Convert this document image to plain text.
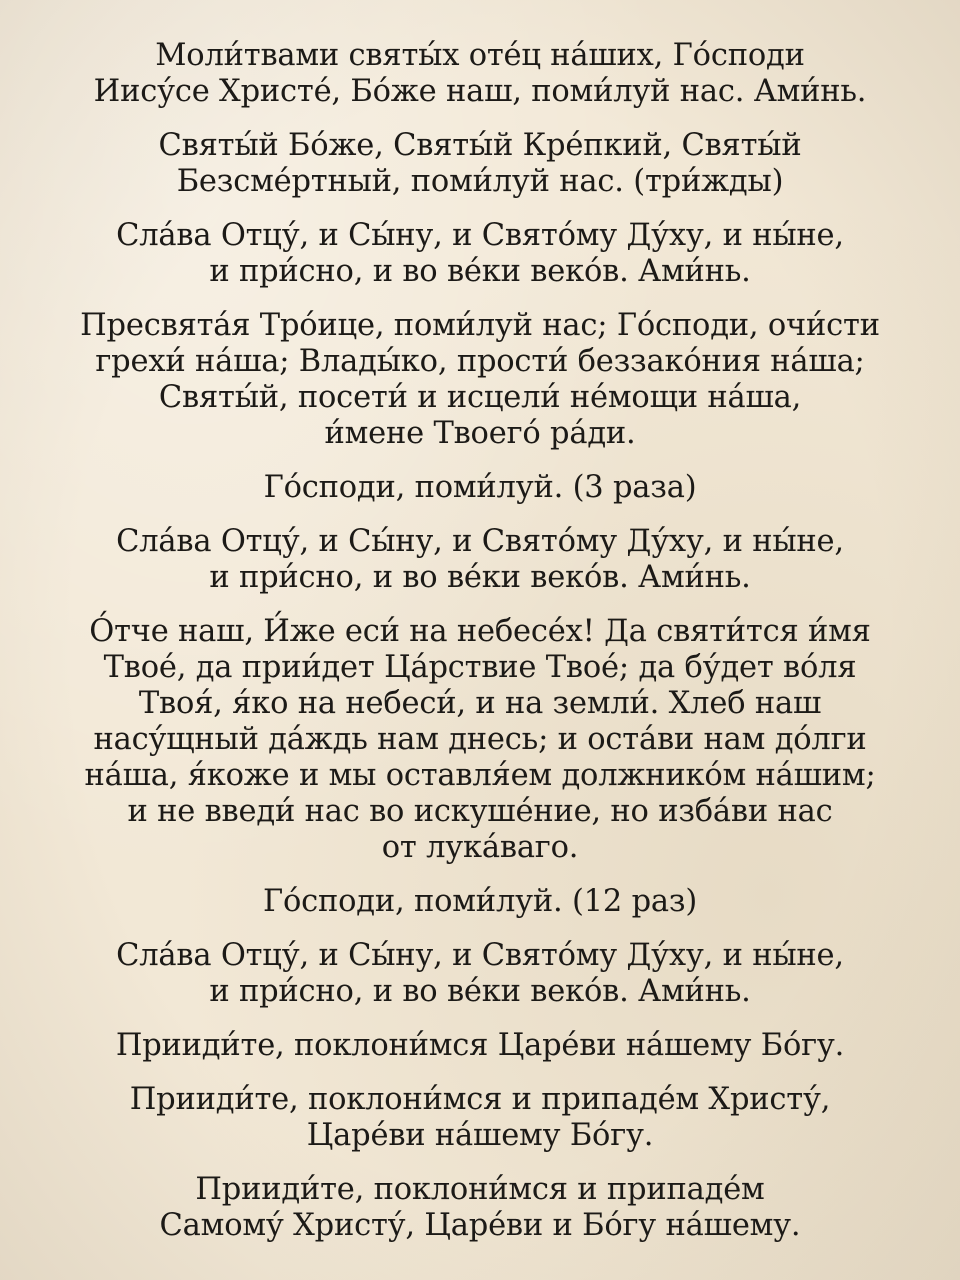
Моли́твами святы́х оте́ц на́ших, Го́споди
Иису́се Христе́, Бо́же наш, поми́луй нас. Ами́нь.

Святы́й Бо́же, Святы́й Кре́пкий, Святы́й
Безсме́ртный, поми́луй нас. (три́жды)

Сла́ва Отцу́, и Сы́ну, и Свято́му Ду́ху, и ны́не,
и при́сно, и во ве́ки веко́в. Ами́нь.

Пресвята́я Тро́ице, поми́луй нас; Го́споди, очи́сти
грехи́ на́ша; Влады́ко, прости́ беззако́ния на́ша;
Святы́й, посети́ и исцели́ не́мощи на́ша,
и́мене Твоего́ ра́ди.

Го́споди, поми́луй. (3 раза)

Сла́ва Отцу́, и Сы́ну, и Свято́му Ду́ху, и ны́не,
и при́сно, и во ве́ки веко́в. Ами́нь.

О́тче наш, И́же еси́ на небесе́х! Да святи́тся и́мя
Твое́, да прии́дет Ца́рствие Твое́; да бу́дет во́ля
Твоя́, я́ко на небеси́, и на земли́. Хлеб наш
насу́щный да́ждь нам днесь; и оста́ви нам до́лги
на́ша, я́коже и мы оставля́ем должнико́м на́шим;
и не введи́ нас во искуше́ние, но изба́ви нас
от лука́ваго.

Го́споди, поми́луй. (12 раз)

Сла́ва Отцу́, и Сы́ну, и Свято́му Ду́ху, и ны́не,
и при́сно, и во ве́ки веко́в. Ами́нь.

Прииди́те, поклони́мся Царе́ви на́шему Бо́гу.

Прииди́те, поклони́мся и припаде́м Христу́,
Царе́ви на́шему Бо́гу.

Прииди́те, поклони́мся и припаде́м
Самому́ Христу́, Царе́ви и Бо́гу на́шему.
